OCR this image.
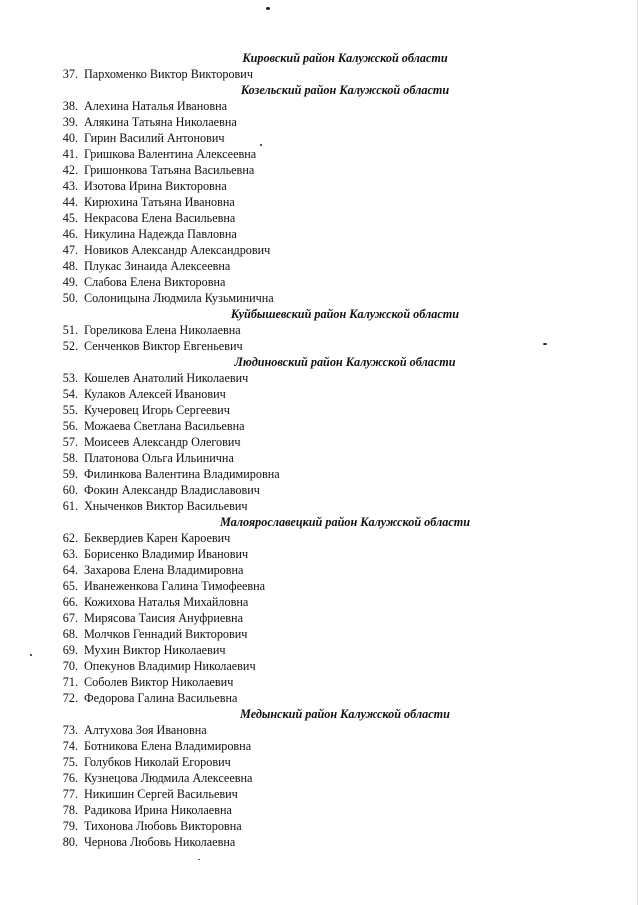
Кировский район Калужской области
37. Пархоменко Виктор Викторович
Козельский район Калужской области
38. Алехина Наталья Ивановна
39. Алякина Татьяна Николаевна
40. Гирин Василий Антонович
41. Гришкова Валентина Алексеевна
42. Гришонкова Татьяна Васильевна
43. Изотова Ирина Викторовна
44. Кирюхина Татьяна Ивановна
45. Некрасова Елена Васильевна
46. Никулина Надежда Павловна
47. Новиков Александр Александрович
48. Плукас Зинаида Алексеевна
49. Слабова Елена Викторовна
50. Солоницына Людмила Кузьминична
Куйбышевский район Калужской области
51. Гореликова Елена Николаевна
52. Сенченков Виктор Евгеньевич
Людиновский район Калужской области
53. Кошелев Анатолий Николаевич
54. Кулаков Алексей Иванович
55. Кучеровец Игорь Сергеевич
56. Можаева Светлана Васильевна
57. Моисеев Александр Олегович
58. Платонова Ольга Ильинична
59. Филинкова Валентина Владимировна
60. Фокин Александр Владиславович
61. Хныченков Виктор Васильевич
Малоярославецкий район Калужской области
62. Беквердиев Карен Кароевич
63. Борисенко Владимир Иванович
64. Захарова Елена Владимировна
65. Иванеженкова Галина Тимофеевна
66. Кожихова Наталья Михайловна
67. Мирясова Таисия Ануфриевна
68. Молчков Геннадий Викторович
69. Мухин Виктор Николаевич
70. Опекунов Владимир Николаевич
71. Соболев Виктор Николаевич
72. Федорова Галина Васильевна
Медынский район Калужской области
73. Алтухова Зоя Ивановна
74. Ботникова Елена Владимировна
75. Голубков Николай Егорович
76. Кузнецова Людмила Алексеевна
77. Никишин Сергей Васильевич
78. Радикова Ирина Николаевна
79. Тихонова Любовь Викторовна
80. Чернова Любовь Николаевна
